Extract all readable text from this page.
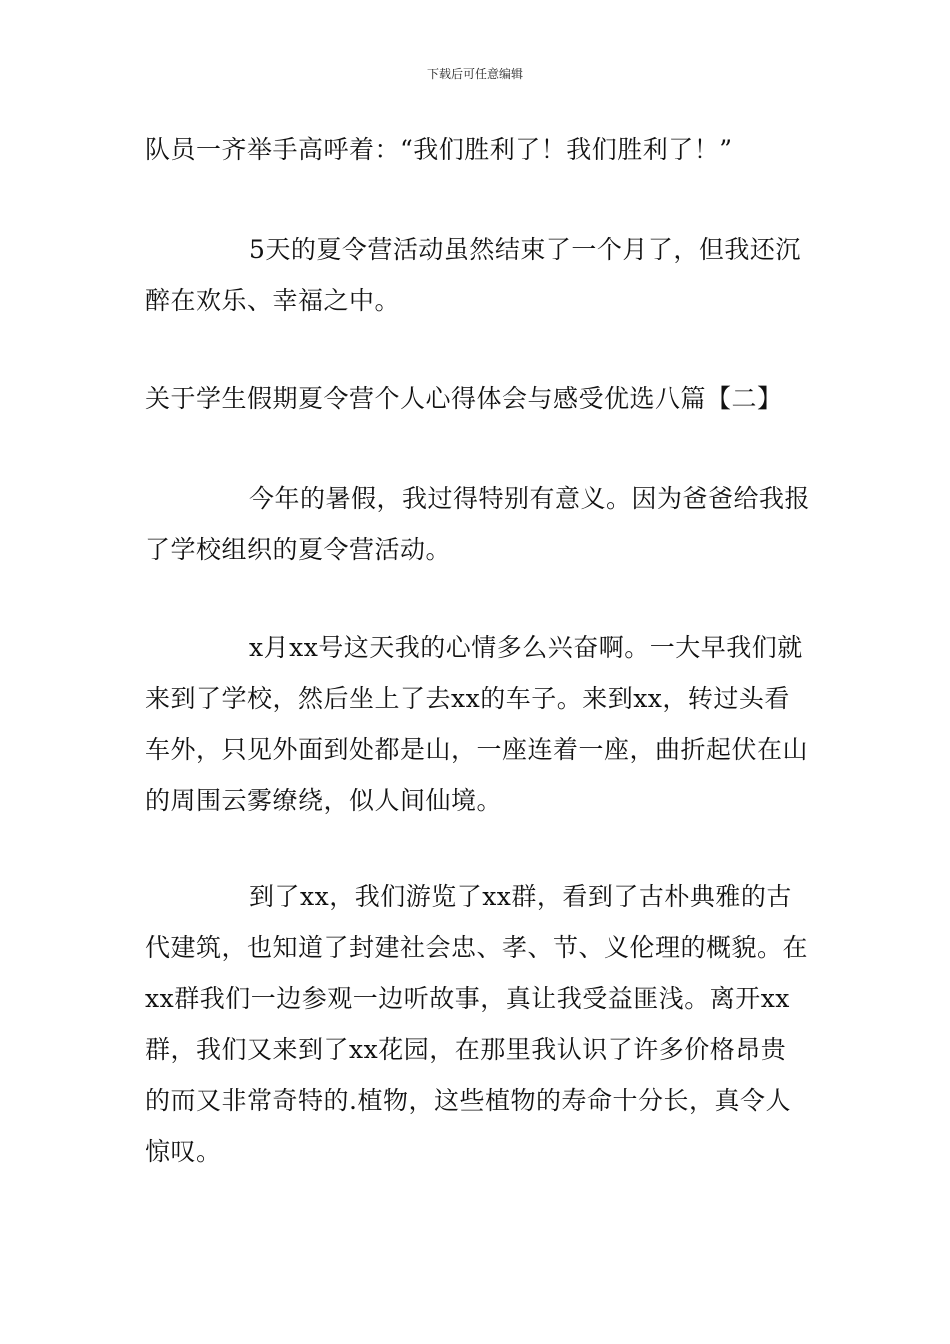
下载后可任意编辑

队员一齐举手高呼着：“我们胜利了！我们胜利了！”

5天的夏令营活动虽然结束了一个月了，但我还沉醉在欢乐、幸福之中。

关于学生假期夏令营个人心得体会与感受优选八篇【二】

今年的暑假，我过得特别有意义。因为爸爸给我报了学校组织的夏令营活动。

x月xx号这天我的心情多么兴奋啊。一大早我们就来到了学校，然后坐上了去xx的车子。来到xx，转过头看车外，只见外面到处都是山，一座连着一座，曲折起伏在山的周围云雾缭绕，似人间仙境。

到了xx，我们游览了xx群，看到了古朴典雅的古代建筑，也知道了封建社会忠、孝、节、义伦理的概貌。在xx群我们一边参观一边听故事，真让我受益匪浅。离开xx群，我们又来到了xx花园，在那里我认识了许多价格昂贵的而又非常奇特的.植物，这些植物的寿命十分长，真令人惊叹。
